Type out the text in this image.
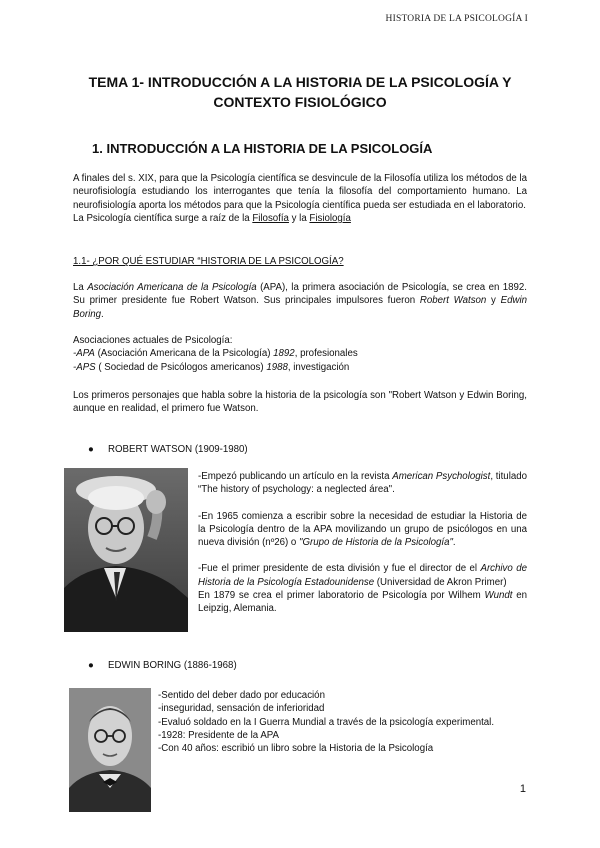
HISTORIA DE LA PSICOLOGÍA I
TEMA 1- INTRODUCCIÓN A LA HISTORIA DE LA PSICOLOGÍA Y
CONTEXTO FISIOLÓGICO
1. INTRODUCCIÓN A LA HISTORIA DE LA PSICOLOGÍA

A finales del s. XIX, para que la Psicología científica se desvincule de la Filosofía utiliza los métodos de la neurofisiología estudiando los interrogantes que tenía la filosofía del comportamiento humano. La neurofisiología aporta los métodos para que la Psicología científica pueda ser estudiada en el laboratorio.

La Psicología científica surge a raíz de la Filosofía y la Fisiología

1.1- ¿POR QUÉ ESTUDIAR “HISTORIA DE LA PSICOLOGÍA?
La Asociación Americana de la Psicología (APA), la primera asociación de Psicología, se crea en 1892. Su primer presidente fue Robert Watson. Sus principales impulsores fueron Robert Watson y Edwin Boring.

Asociaciones actuales de Psicología:

-APA (Asociación Americana de la Psicología) 1892, profesionales

-APS ( Sociedad de Psicólogos americanos) 1988, investigación

Los primeros personajes que habla sobre la historia de la psicología son "Robert Watson y Edwin Boring, aunque en realidad, el primero fue Watson.
● ROBERT WATSON (1909-1980)

-Empezó publicando un artículo en la revista American Psychologist, titulado “The history of psychology: a neglected área".

-En 1965 comienza a escribir sobre la necesidad de estudiar la Historia de la Psicología dentro de la APA movilizando un grupo de psicólogos en una nueva división (nº26) o "Grupo de Historia de la Psicología".

-Fue el primer presidente de esta división y fue el director de el Archivo de Historia de la Psicología Estadounidense (Universidad de Akron Primer)

En 1879 se crea el primer laboratorio de Psicología por Wilhem Wundt en Leipzig, Alemania.

● EDWIN BORING (1886-1968)

-Sentido del deber dado por educación

-inseguridad, sensación de inferioridad

-Evaluó soldado en la I Guerra Mundial a través de la psicología experimental.

-1928: Presidente de la APA

-Con 40 años: escribió un libro sobre la Historia de la Psicología

1
